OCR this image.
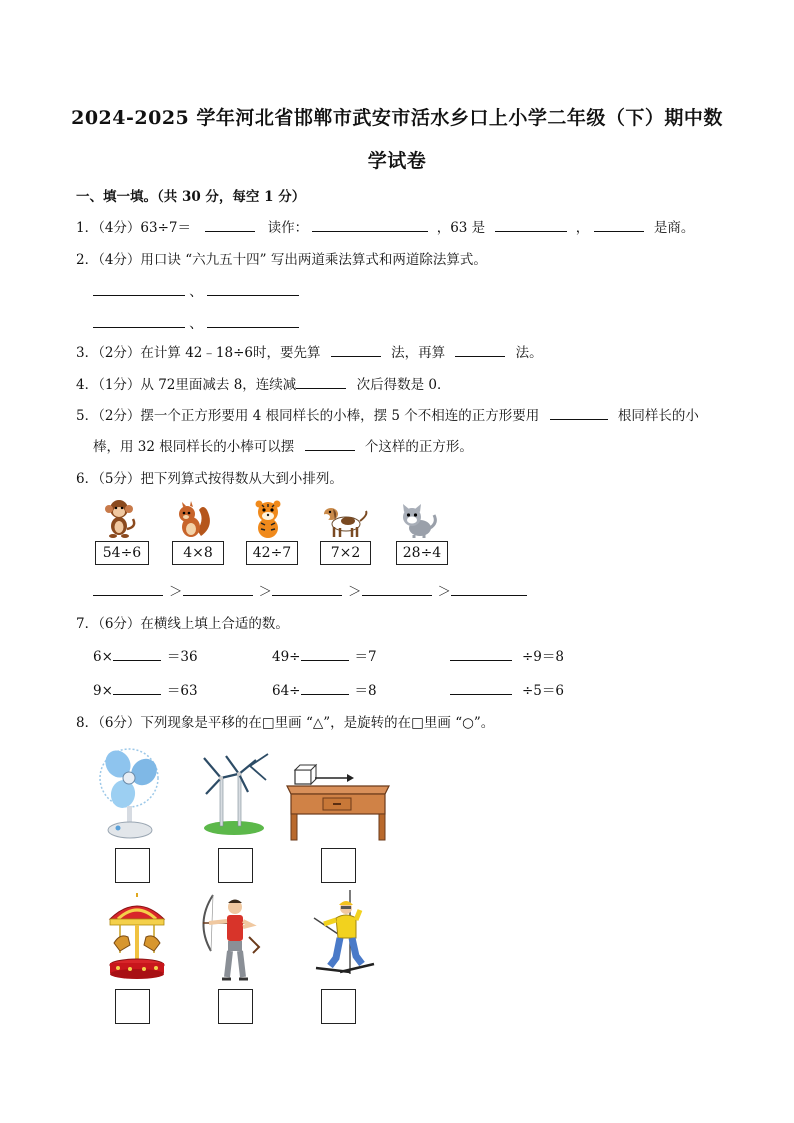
2024-2025 学年河北省邯郸市武安市活水乡口上小学二年级（下）期中数
学试卷
一、填一填。（共 30 分，每空 1 分）
1．（4分）63÷7＝	读作：	，63 是	，	是商。
2．（4分）用口诀 “六九五十四” 写出两道乘法算式和两道除法算式。
、
、
3．（2分）在计算 42﹣18÷6时，要先算	法，再算	法。
4．（1分）从 72里面减去 8，连续减	次后得数是 0．
5．（2分）摆一个正方形要用 4 根同样长的小棒，摆 5 个不相连的正方形要用	根同样长的小
棒，用 32 根同样长的小棒可以摆	个这样的正方形。
6．（5分）把下列算式按得数从大到小排列。
54÷6	4×8	42÷7	7×2	28÷4
＞	＞	＞	＞
7．（6分）在横线上填上合适的数。
6×	＝36	49÷	＝7	÷9＝8
9×	＝63	64÷	＝8	÷5＝6
8．（6分）下列现象是平移的在□里画 “△”，是旋转的在□里画 “○”。
